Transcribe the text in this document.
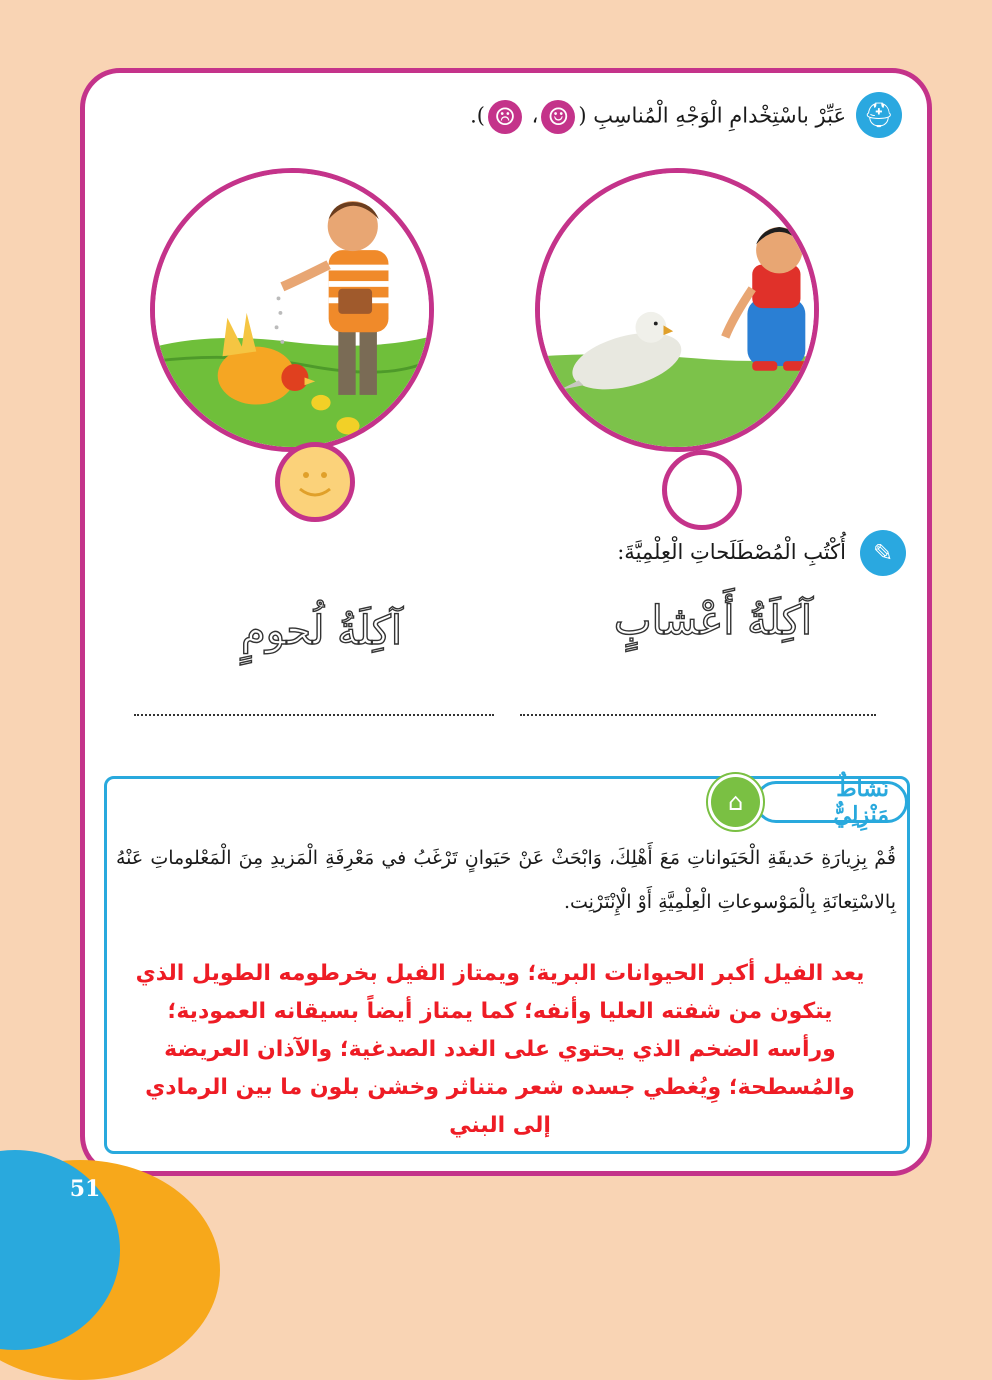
⛑
عَبِّرْ باسْتِخْدامِ الْوَجْهِ الْمُناسِبِ (☺، ☹).
✎
أُكْتُبِ الْمُصْطَلَحاتِ الْعِلْمِيَّةَ:
آكِلَةُ أَعْشابٍ
آكِلَةُ لُحومٍ
نَشاطٌ مَنْزِلِيٌّ
⌂
قُمْ بِزِيارَةِ حَديقَةِ الْحَيَواناتِ مَعَ أَهْلِكَ، وَابْحَثْ عَنْ حَيَوانٍ تَرْغَبُ في مَعْرِفَةِ الْمَزيدِ مِنَ الْمَعْلوماتِ عَنْهُ بِالاسْتِعانَةِ بِالْمَوْسوعاتِ الْعِلْمِيَّةِ أَوْ الْإِنْتَرْنِت.
يعد الفيل أكبر الحيوانات البرية؛ ويمتاز الفيل بخرطومه الطويل الذي يتكون من شفته العليا وأنفه؛ كما يمتاز أيضاً بسيقانه العمودية؛ ورأسه الضخم الذي يحتوي على الغدد الصدغية؛ والآذان العريضة والمُسطحة؛ وِيُغطي جسده شعر متناثر وخشن بلون ما بين الرمادي إلى البني
51
